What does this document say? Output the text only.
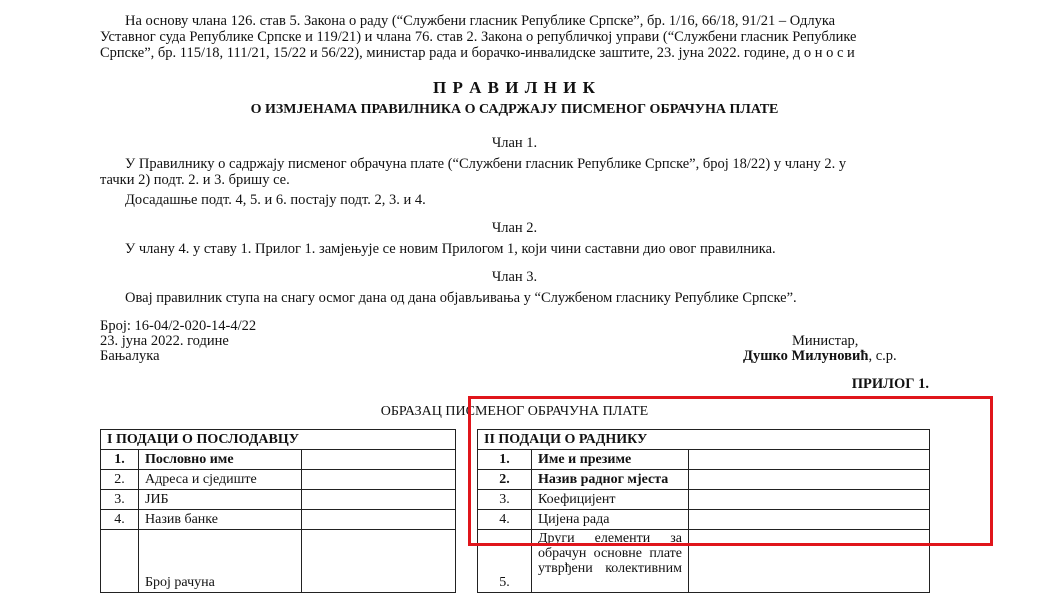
На основу члана 126. став 5. Закона о раду (“Службени гласник Републике Српске”, бр. 1/16, 66/18, 91/21 – Одлука
Уставног суда Републике Српске и 119/21) и члана 76. став 2. Закона о републичкој управи (“Службени гласник Републике
Српске”, бр. 115/18, 111/21, 15/22 и 56/22), министар рада и борачко-инвалидске заштите, 23. јуна 2022. године, д о н о с и
П Р А В И Л Н И К
О ИЗМЈЕНАМА ПРАВИЛНИКА О САДРЖАЈУ ПИСМЕНОГ ОБРАЧУНА ПЛАТЕ
Члан 1.
У Правилнику о садржају писменог обрачуна плате (“Службени гласник Републике Српске”, број 18/22) у члану 2. у
тачки 2) подт. 2. и 3. бришу се.
Досадашње подт. 4, 5. и 6. постају подт. 2, 3. и 4.
Члан 2.
У члану 4. у ставу 1. Прилог 1. замјењује се новим Прилогом 1, који чини саставни дио овог правилника.
Члан 3.
Овај правилник ступа на снагу осмог дана од дана објављивања у “Службеном гласнику Републике Српске”.
Број: 16-04/2-020-14-4/22
23. јуна 2022. године
Бањалука
Министар,
Душко Милуновић, с.р.
ПРИЛОГ 1.
ОБРАЗАЦ ПИСМЕНОГ ОБРАЧУНА ПЛАТЕ
I ПОДАЦИ О ПОСЛОДАВЦУ		
1.	Пословно име	
2.	Адреса и сједиште	
3.	ЈИБ	
4.	Назив банке	
	Број рачуна	
II ПОДАЦИ О РАДНИКУ		
1.	Име и презиме	
2.	Назив радног мјеста	
3.	Коефицијент	
4.	Цијена рада	
5.	Други елементи за
обрачун основне плате
утврђени колективним	
